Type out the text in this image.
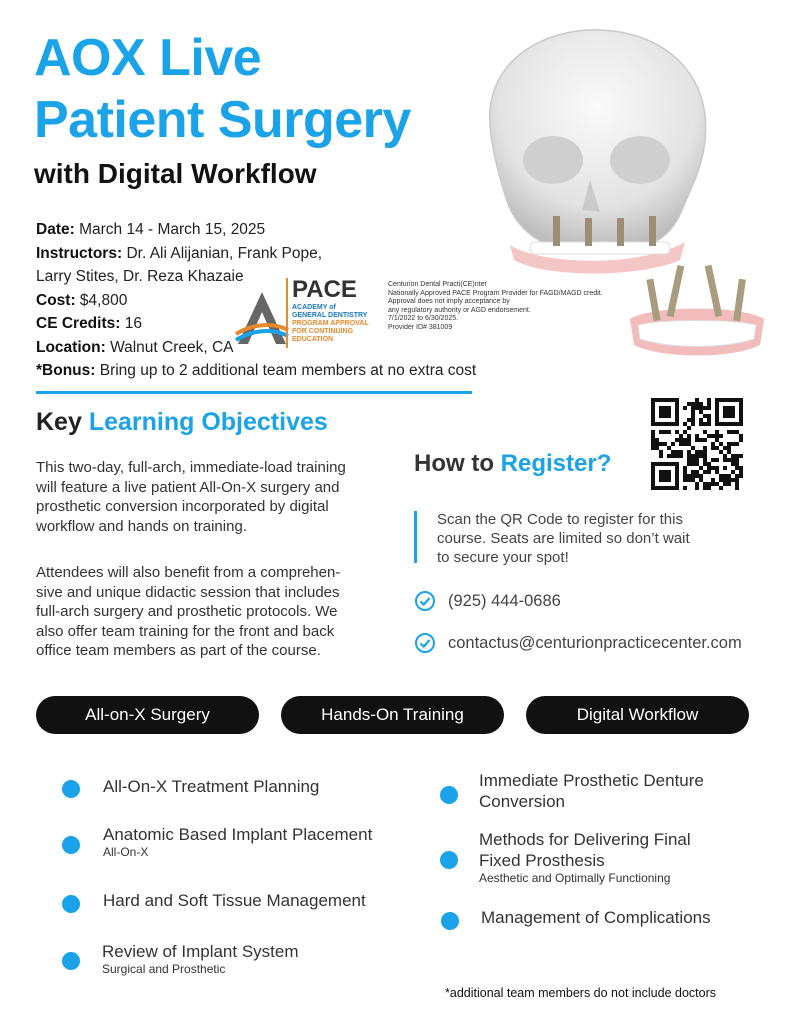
AOX Live
Patient Surgery
with Digital Workflow
Date: March 14 - March 15, 2025
Instructors: Dr. Ali Alijanian, Frank Pope,
Larry Stites, Dr. Reza Khazaie
Cost: $4,800
CE Credits: 16
Location: Walnut Creek, CA
*Bonus: Bring up to 2 additional team members at no extra cost
PACE
ACADEMY of
GENERAL DENTISTRY
PROGRAM APPROVAL
FOR CONTINUING
EDUCATION
Centurion Dental Practi(CE)nter
Nationally Approved PACE Program Provider for FAGD/MAGD credit.
Approval does not imply acceptance by
any regulatory authority or AGD endorsement.
7/1/2022 to 6/30/2025.
Provider ID# 381009
Key Learning Objectives
This two-day, full-arch, immediate-load training
will feature a live patient All-On-X surgery and
prosthetic conversion incorporated by digital
workflow and hands on training.
Attendees will also benefit from a comprehen-
sive and unique didactic session that includes
full-arch surgery and prosthetic protocols. We
also offer team training for the front and back
office team members as part of the course.
How to Register?
Scan the QR Code to register for this
course. Seats are limited so don’t wait
to secure your spot!
(925) 444-0686
contactus@centurionpracticecenter.com
All-on-X Surgery	Hands-On Training	Digital Workflow
All-On-X Treatment Planning
Anatomic Based Implant Placement
All-On-X
Hard and Soft Tissue Management
Review of Implant System
Surgical and Prosthetic
Immediate Prosthetic Denture
Conversion
Methods for Delivering Final
Fixed Prosthesis
Aesthetic and Optimally Functioning
Management of Complications
*additional team members do not include doctors
